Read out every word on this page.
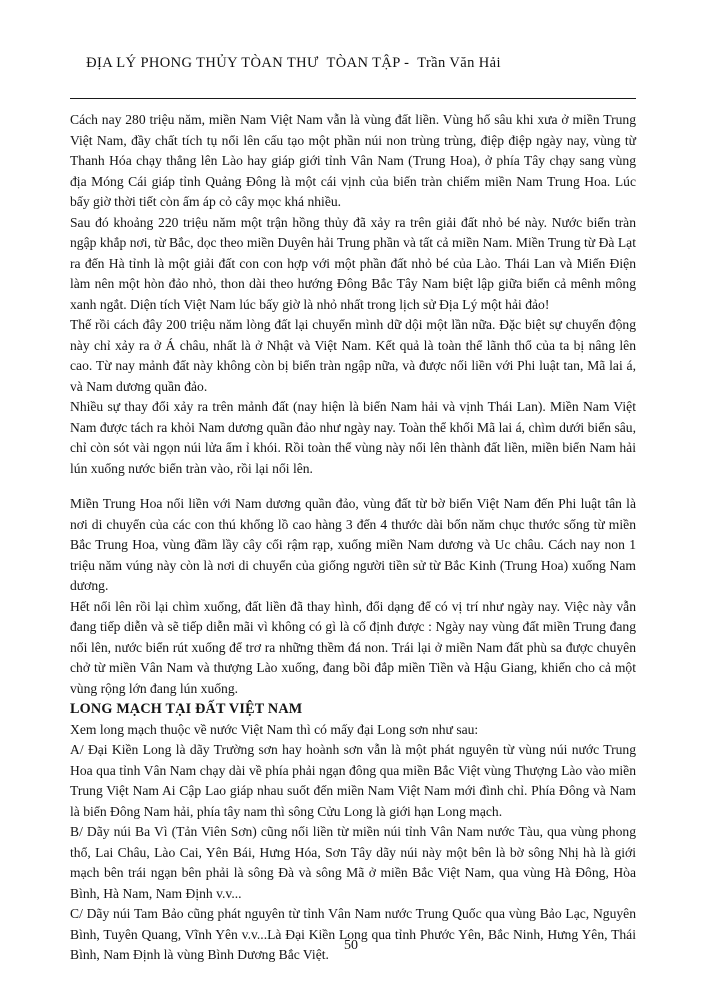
ĐỊA LÝ PHONG THỦY TÒAN THƯ  TÒAN TẬP -  Trần Văn Hải

Cách nay 280 triệu năm, miền Nam Việt Nam vẫn là vùng đất liền. Vùng hố sâu khi xưa ở miền Trung Việt Nam, đầy chất tích tụ nổi lên cấu tạo một phần núi non trùng trùng, điệp điệp ngày nay, vùng từ Thanh Hóa chạy thẳng lên Lào hay giáp giới tỉnh Vân Nam (Trung Hoa), ở phía Tây chạy sang vùng địa Móng Cái giáp tỉnh Quảng Đông là một cái vịnh của biển tràn chiếm miền Nam Trung Hoa. Lúc bấy giờ thời tiết còn ấm áp cỏ cây mọc khá nhiều.

Sau đó khoảng 220 triệu năm một trận hồng thủy đã xảy ra trên giải đất nhỏ bé này. Nước biển tràn ngập khắp nơi, từ Bắc, dọc theo miền Duyên hải Trung phần và tất cả miền Nam. Miền Trung từ Đà Lạt ra đến Hà tỉnh là một giải đất con con hợp với một phần đất nhỏ bé của Lào. Thái Lan và Miến Điện làm nên một hòn đảo nhỏ, thon dài theo hướng Đông Bắc Tây Nam biệt lập giữa biển cả mênh mông xanh ngắt. Diện tích Việt Nam lúc bấy giờ là nhỏ nhất trong lịch sử Địa Lý một hải đảo!

Thế rồi cách đây 200 triệu năm lòng đất lại chuyển mình dữ dội một lần nữa. Đặc biệt sự chuyển động này chỉ xảy ra ở Á châu, nhất là ở Nhật và Việt Nam. Kết quả là toàn thể lãnh thổ của ta bị nâng lên cao. Từ nay mảnh đất này không còn bị biển tràn ngập nữa, và được nối liền với Phi luật tan, Mã lai á, và Nam dương quần đảo.

Nhiều sự thay đổi xảy ra trên mảnh đất (nay hiện là biển Nam hải và vịnh Thái Lan). Miền Nam Việt Nam được tách ra khỏi Nam dương quần đảo như ngày nay. Toàn thể khối Mã lai á, chìm dưới biển sâu, chỉ còn sót vài ngọn núi lửa ẩm ỉ khói. Rồi toàn thể vùng này nổi lên thành đất liền, miền biển Nam hải lún xuống nước biển tràn vào, rồi lại nổi lên.

Miền Trung Hoa nối liền với Nam dương quần đảo, vùng đất từ bờ biển Việt Nam đến Phi luật tân là nơi di chuyển của các con thú khổng lồ cao hàng 3 đến 4 thước dài bốn năm chục thước sống từ miền Bắc Trung Hoa, vùng đầm lầy cây cối rậm rạp, xuống miền Nam dương và Uc châu. Cách nay non 1 triệu năm vúng này còn là nơi di chuyển của giống người tiền sử từ Bắc Kinh (Trung Hoa) xuống Nam dương.

Hết nổi lên rồi lại chìm xuống, đất liền đã thay hình, đổi dạng để có vị trí như ngày nay. Việc này vẫn đang tiếp diễn và sẽ tiếp diễn mãi vì không có gì là cố định được : Ngày nay vùng đất miền Trung đang nổi lên, nước biển rút xuống để trơ ra những thềm đá non. Trái lại ở miền Nam đất phù sa được chuyên chở từ miền Vân Nam và thượng Lào xuống, đang bồi đắp miền Tiền và Hậu Giang, khiến cho cả một vùng rộng lớn đang lún xuống.

LONG MẠCH TẠI ĐẤT VIỆT NAM

Xem long mạch thuộc về nước Việt Nam thì có mấy đại Long sơn như sau:

A/ Đại Kiền Long là dãy Trường sơn hay hoành sơn vẫn là một phát nguyên từ vùng núi nước Trung Hoa qua tỉnh Vân Nam chạy dài về phía phải ngạn đông qua miền Bắc Việt vùng Thượng Lào vào miền Trung Việt Nam Ai Cập Lao giáp nhau suốt đến miền Nam Việt Nam mới đình chỉ. Phía Đông và Nam là biển Đông Nam hải, phía tây nam thì sông Cửu Long là giới hạn Long mạch.

B/ Dãy núi Ba Vì (Tản Viên Sơn) cũng nối liền từ miền núi tỉnh Vân Nam nước Tàu, qua vùng phong thổ, Lai Châu, Lào Cai, Yên Bái, Hưng Hóa, Sơn Tây dãy núi này một bên là bờ sông Nhị hà là giới mạch bên trái ngạn bên phải là sông Đà và sông Mã ở miền Bắc Việt Nam, qua vùng Hà Đông, Hòa Bình, Hà Nam, Nam Định v.v...

C/ Dãy núi Tam Bảo cũng phát nguyên từ tỉnh Vân Nam nước Trung Quốc qua vùng Bảo Lạc, Nguyên Bình, Tuyên Quang, Vĩnh Yên v.v...Là Đại Kiền Long qua tỉnh Phước Yên, Bắc Ninh, Hưng Yên, Thái Bình, Nam Định là vùng Bình Dương Bắc Việt.

50
